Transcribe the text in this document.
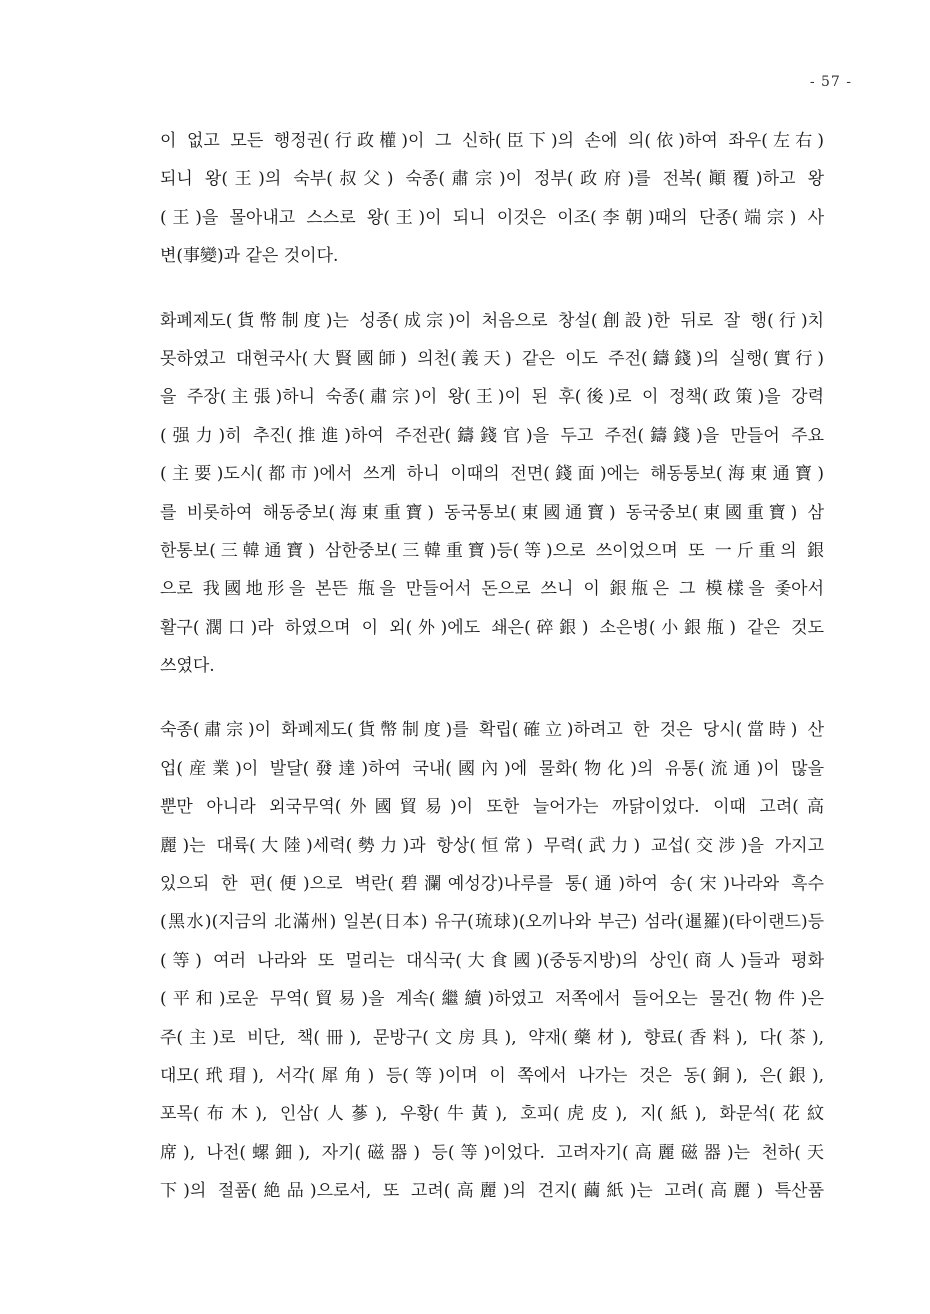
- 57 -
이 없고 모든 행정권(行政權)이 그 신하(臣下)의 손에 의(依)하여 좌우(左右)
되니 왕(王)의 숙부(叔父) 숙종(肅宗)이 정부(政府)를 전복(顚覆)하고 왕
(王)을 몰아내고 스스로 왕(王)이 되니 이것은 이조(李朝)때의 단종(端宗) 사
변(事變)과 같은 것이다.
화폐제도(貨幣制度)는 성종(成宗)이 처음으로 창설(創設)한 뒤로 잘 행(行)치
못하였고 대현국사(大賢國師) 의천(義天) 같은 이도 주전(鑄錢)의 실행(實行)
을 주장(主張)하니 숙종(肅宗)이 왕(王)이 된 후(後)로 이 정책(政策)을 강력
(强力)히 추진(推進)하여 주전관(鑄錢官)을 두고 주전(鑄錢)을 만들어 주요
(主要)도시(都市)에서 쓰게 하니 이때의 전면(錢面)에는 해동통보(海東通寶)
를 비롯하여 해동중보(海東重寶) 동국통보(東國通寶) 동국중보(東國重寶) 삼
한통보(三韓通寶) 삼한중보(三韓重寶)등(等)으로 쓰이었으며 또 一斤重의 銀
으로 我國地形을 본뜬 甁을 만들어서 돈으로 쓰니 이 銀甁은 그 模樣을 좇아서
활구(濶口)라 하였으며 이 외(外)에도 쇄은(碎銀) 소은병(小銀甁) 같은 것도
쓰였다.
숙종(肅宗)이 화폐제도(貨幣制度)를 확립(確立)하려고 한 것은 당시(當時) 산
업(産業)이 발달(發達)하여 국내(國內)에 물화(物化)의 유통(流通)이 많을
뿐만 아니라 외국무역(外國貿易)이 또한 늘어가는 까닭이었다. 이때 고려(高
麗)는 대륙(大陸)세력(勢力)과 항상(恒常) 무력(武力) 교섭(交涉)을 가지고
있으되 한 편(便)으로 벽란(碧瀾예성강)나루를 통(通)하여 송(宋)나라와 흑수
(黑水)(지금의 北滿州) 일본(日本) 유구(琉球)(오끼나와 부근) 섬라(暹羅)(타이랜드)등
(等) 여러 나라와 또 멀리는 대식국(大食國)(중동지방)의 상인(商人)들과 평화
(平和)로운 무역(貿易)을 계속(繼續)하였고 저쪽에서 들어오는 물건(物件)은
주(主)로 비단, 책(冊), 문방구(文房具), 약재(藥材), 향료(香料), 다(茶),
대모(玳瑁), 서각(犀角) 등(等)이며 이 쪽에서 나가는 것은 동(銅), 은(銀),
포목(布木), 인삼(人蔘), 우황(牛黃), 호피(虎皮), 지(紙), 화문석(花紋
席), 나전(螺鈿), 자기(磁器) 등(等)이었다. 고려자기(高麗磁器)는 천하(天
下)의 절품(絶品)으로서, 또 고려(高麗)의 견지(繭紙)는 고려(高麗) 특산품
